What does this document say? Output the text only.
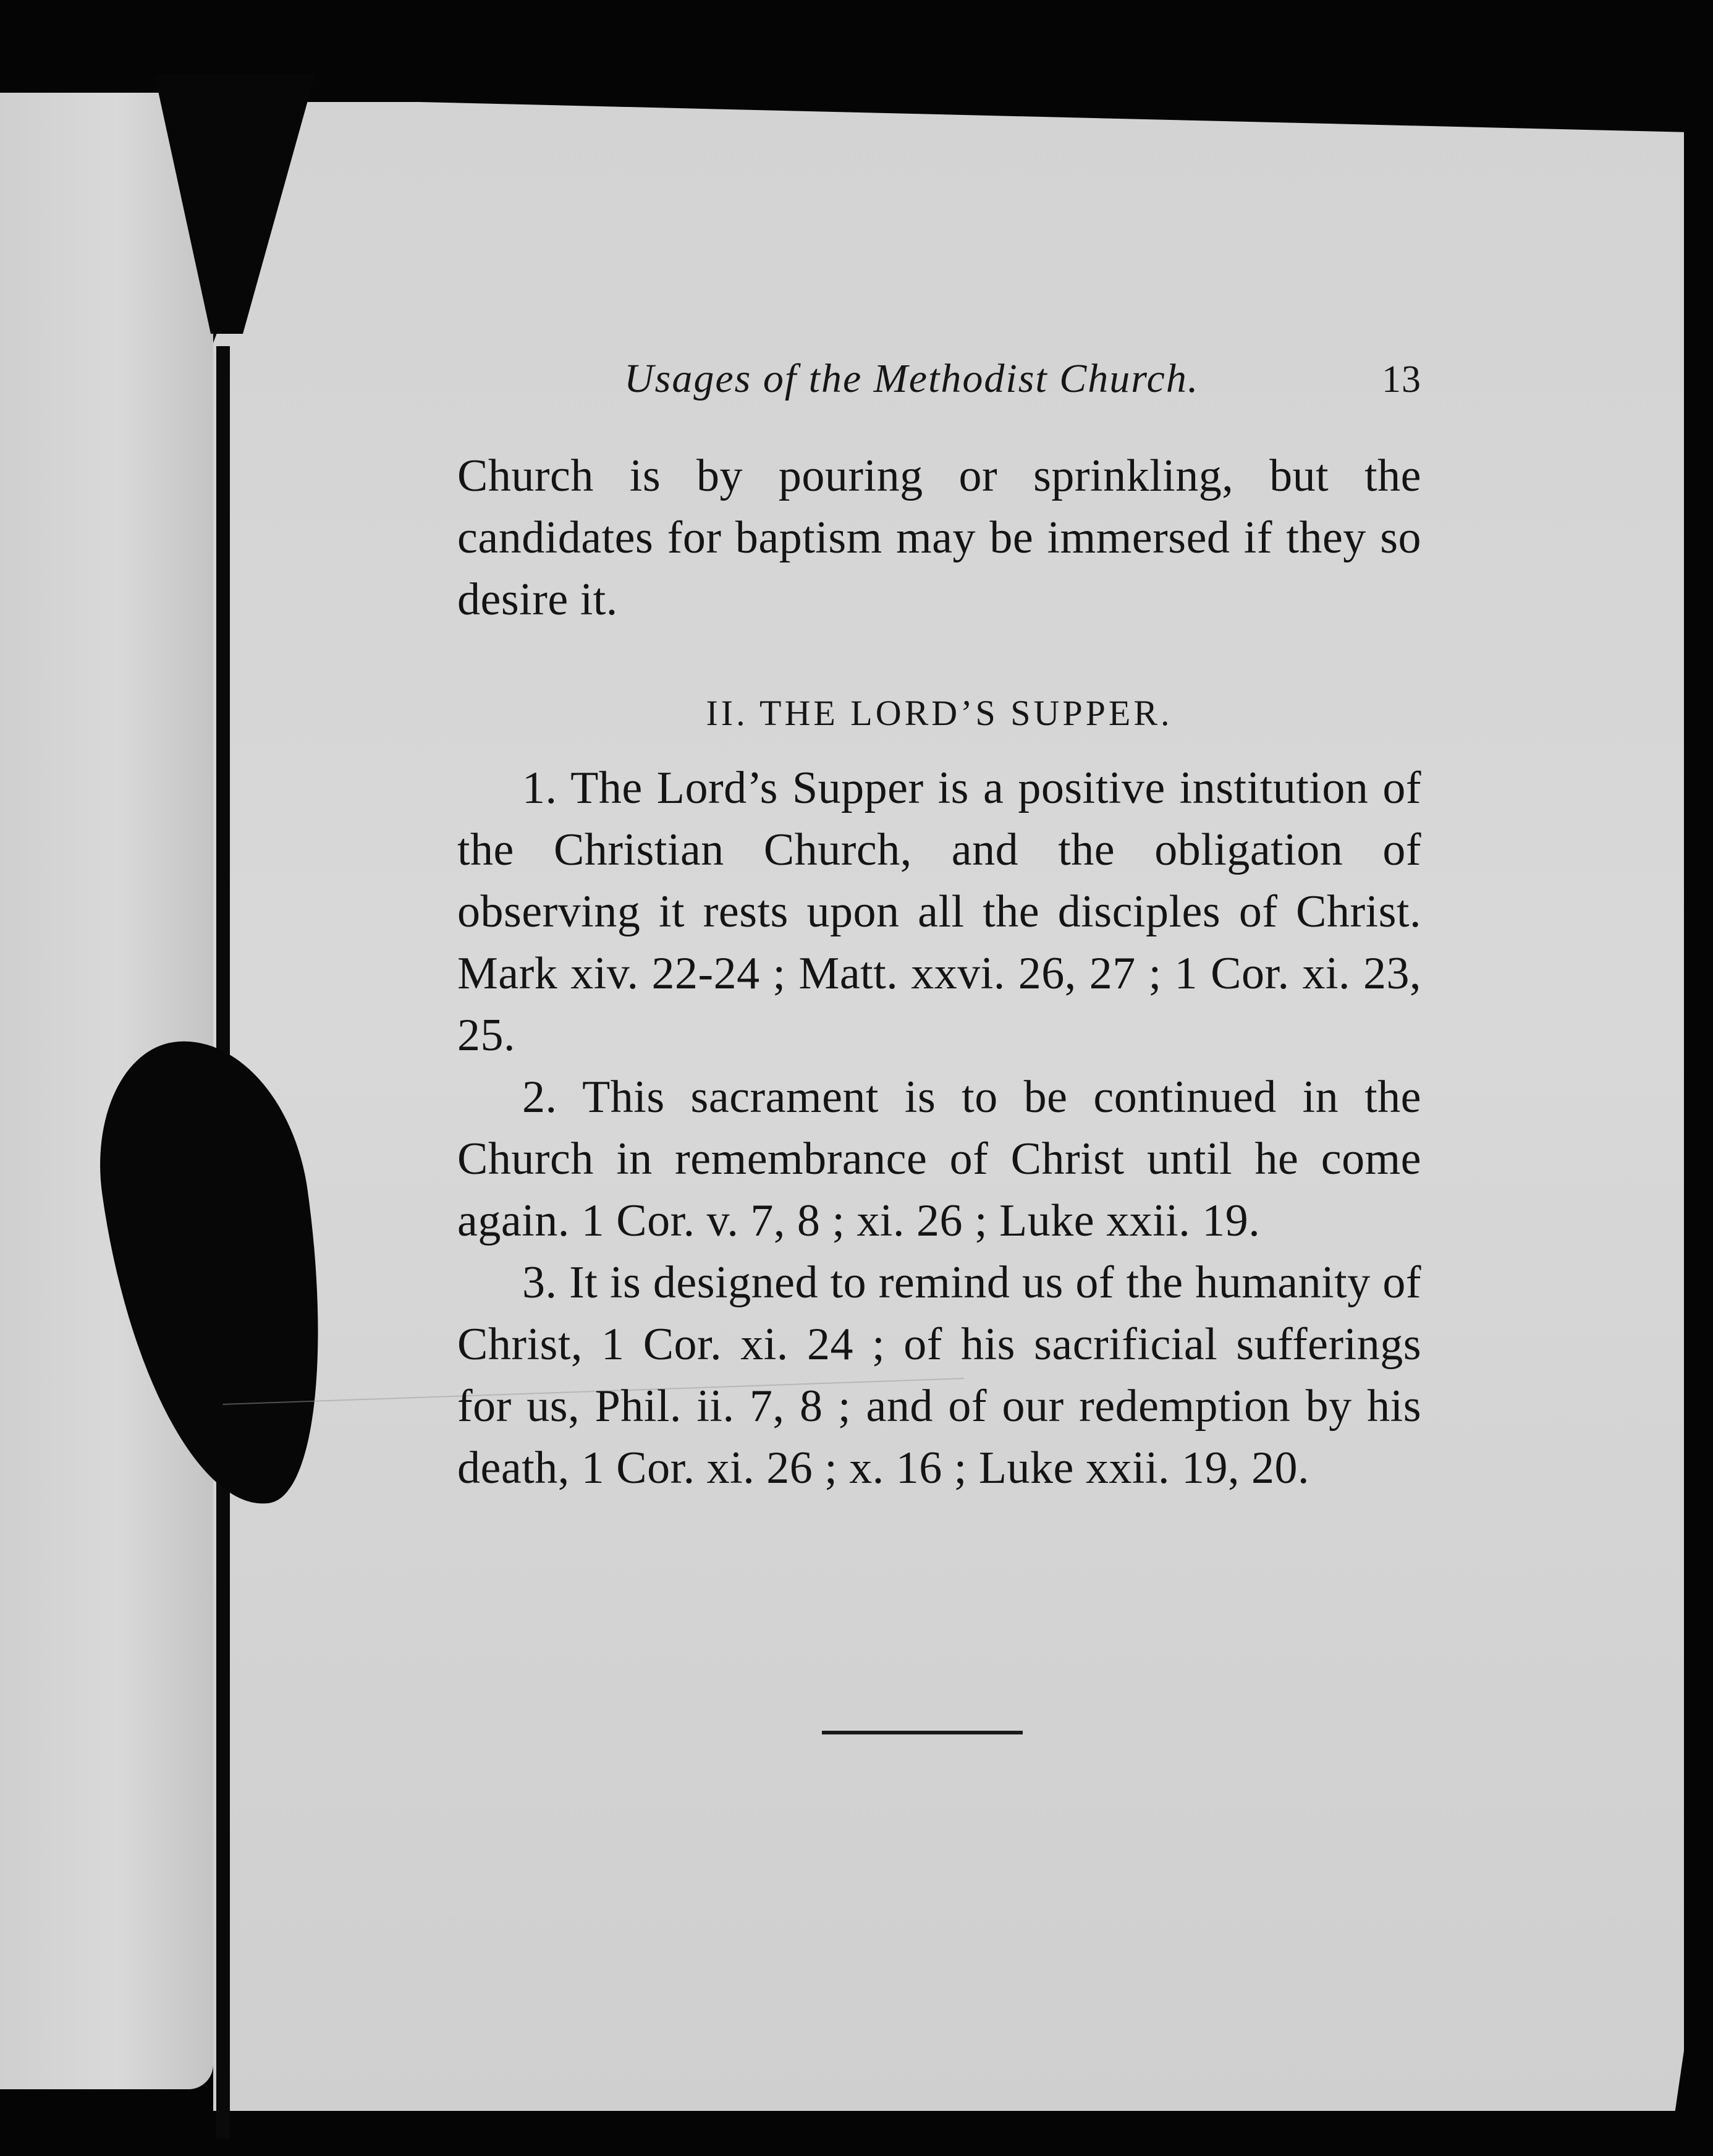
Usages of the Methodist Church.	13

Church is by pouring or sprinkling, but the candidates for baptism may be immersed if they so desire it.

II. THE LORD’S SUPPER.

1. The Lord’s Supper is a positive institution of the Christian Church, and the obligation of observing it rests upon all the disciples of Christ. Mark xiv. 22-24 ; Matt. xxvi. 26, 27 ; 1 Cor. xi. 23, 25.

2. This sacrament is to be continued in the Church in remembrance of Christ until he come again. 1 Cor. v. 7, 8 ; xi. 26 ; Luke xxii. 19.

3. It is designed to remind us of the humanity of Christ, 1 Cor. xi. 24 ; of his sacrificial sufferings for us, Phil. ii. 7, 8 ; and of our redemption by his death, 1 Cor. xi. 26 ; x. 16 ; Luke xxii. 19, 20.
